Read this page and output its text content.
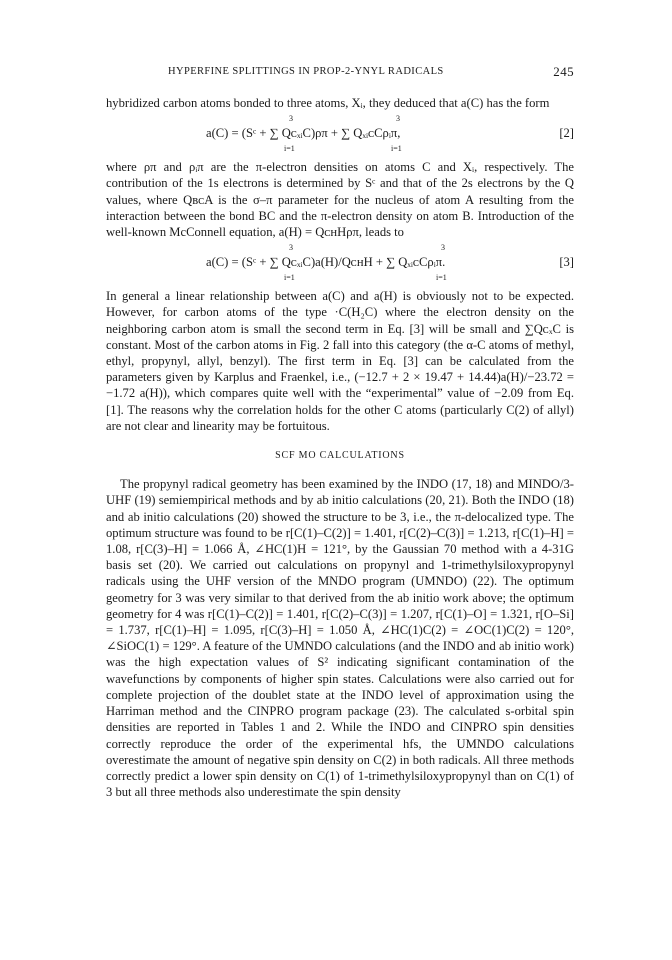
HYPERFINE SPLITTINGS IN PROP-2-YNYL RADICALS	245

hybridized carbon atoms bonded to three atoms, Xᵢ, they deduced that a(C) has the form

3
a(C) = (Sᶜ + ∑ QᴄₓᵢC)ρπ + ∑ QₓᵢᴄCρᵢπ,
i=1
3
i=1
[2]

where ρπ and ρᵢπ are the π-electron densities on atoms C and Xᵢ, respectively. The contribution of the 1s electrons is determined by Sᶜ and that of the 2s electrons by the Q values, where QʙᴄA is the σ–π parameter for the nucleus of atom A resulting from the interaction between the bond BC and the π-electron density on atom B. Introduction of the well-known McConnell equation, a(H) = QᴄʜHρπ, leads to

3
a(C) = (Sᶜ + ∑ QᴄₓᵢC)a(H)/QᴄʜH + ∑ QₓᵢᴄCρᵢπ.
i=1
3
i=1
[3]

In general a linear relationship between a(C) and a(H) is obviously not to be expected. However, for carbon atoms of the type ·C(H₂C) where the electron density on the neighboring carbon atom is small the second term in Eq. [3] will be small and ∑QᴄₓC is constant. Most of the carbon atoms in Fig. 2 fall into this category (the α-C atoms of methyl, ethyl, propynyl, allyl, benzyl). The first term in Eq. [3] can be calculated from the parameters given by Karplus and Fraenkel, i.e., (−12.7 + 2 × 19.47 + 14.44)a(H)/−23.72 = −1.72 a(H)), which compares quite well with the “experimental” value of −2.09 from Eq. [1]. The reasons why the correlation holds for the other C atoms (particularly C(2) of allyl) are not clear and linearity may be fortuitous.

SCF MO CALCULATIONS

The propynyl radical geometry has been examined by the INDO (17, 18) and MINDO/3-UHF (19) semiempirical methods and by ab initio calculations (20, 21). Both the INDO (18) and ab initio calculations (20) showed the structure to be 3, i.e., the π-delocalized type. The optimum structure was found to be r[C(1)–C(2)] = 1.401, r[C(2)–C(3)] = 1.213, r[C(1)–H] = 1.08, r[C(3)–H] = 1.066 Å, ∠HC(1)H = 121°, by the Gaussian 70 method with a 4-31G basis set (20). We carried out calculations on propynyl and 1-trimethylsiloxypropynyl radicals using the UHF version of the MNDO program (UMNDO) (22). The optimum geometry for 3 was very similar to that derived from the ab initio work above; the optimum geometry for 4 was r[C(1)–C(2)] = 1.401, r[C(2)–C(3)] = 1.207, r[C(1)–O] = 1.321, r[O–Si] = 1.737, r[C(1)–H] = 1.095, r[C(3)–H] = 1.050 Å, ∠HC(1)C(2) = ∠OC(1)C(2) = 120°, ∠SiOC(1) = 129°. A feature of the UMNDO calculations (and the INDO and ab initio work) was the high expectation values of S² indicating significant contamination of the wavefunctions by components of higher spin states. Calculations were also carried out for complete projection of the doublet state at the INDO level of approximation using the Harriman method and the CINPRO program package (23). The calculated s-orbital spin densities are reported in Tables 1 and 2. While the INDO and CINPRO spin densities correctly reproduce the order of the experimental hfs, the UMNDO calculations overestimate the amount of negative spin density on C(2) in both radicals. All three methods correctly predict a lower spin density on C(1) of 1-trimethylsiloxypropynyl than on C(1) of 3 but all three methods also underestimate the spin density
